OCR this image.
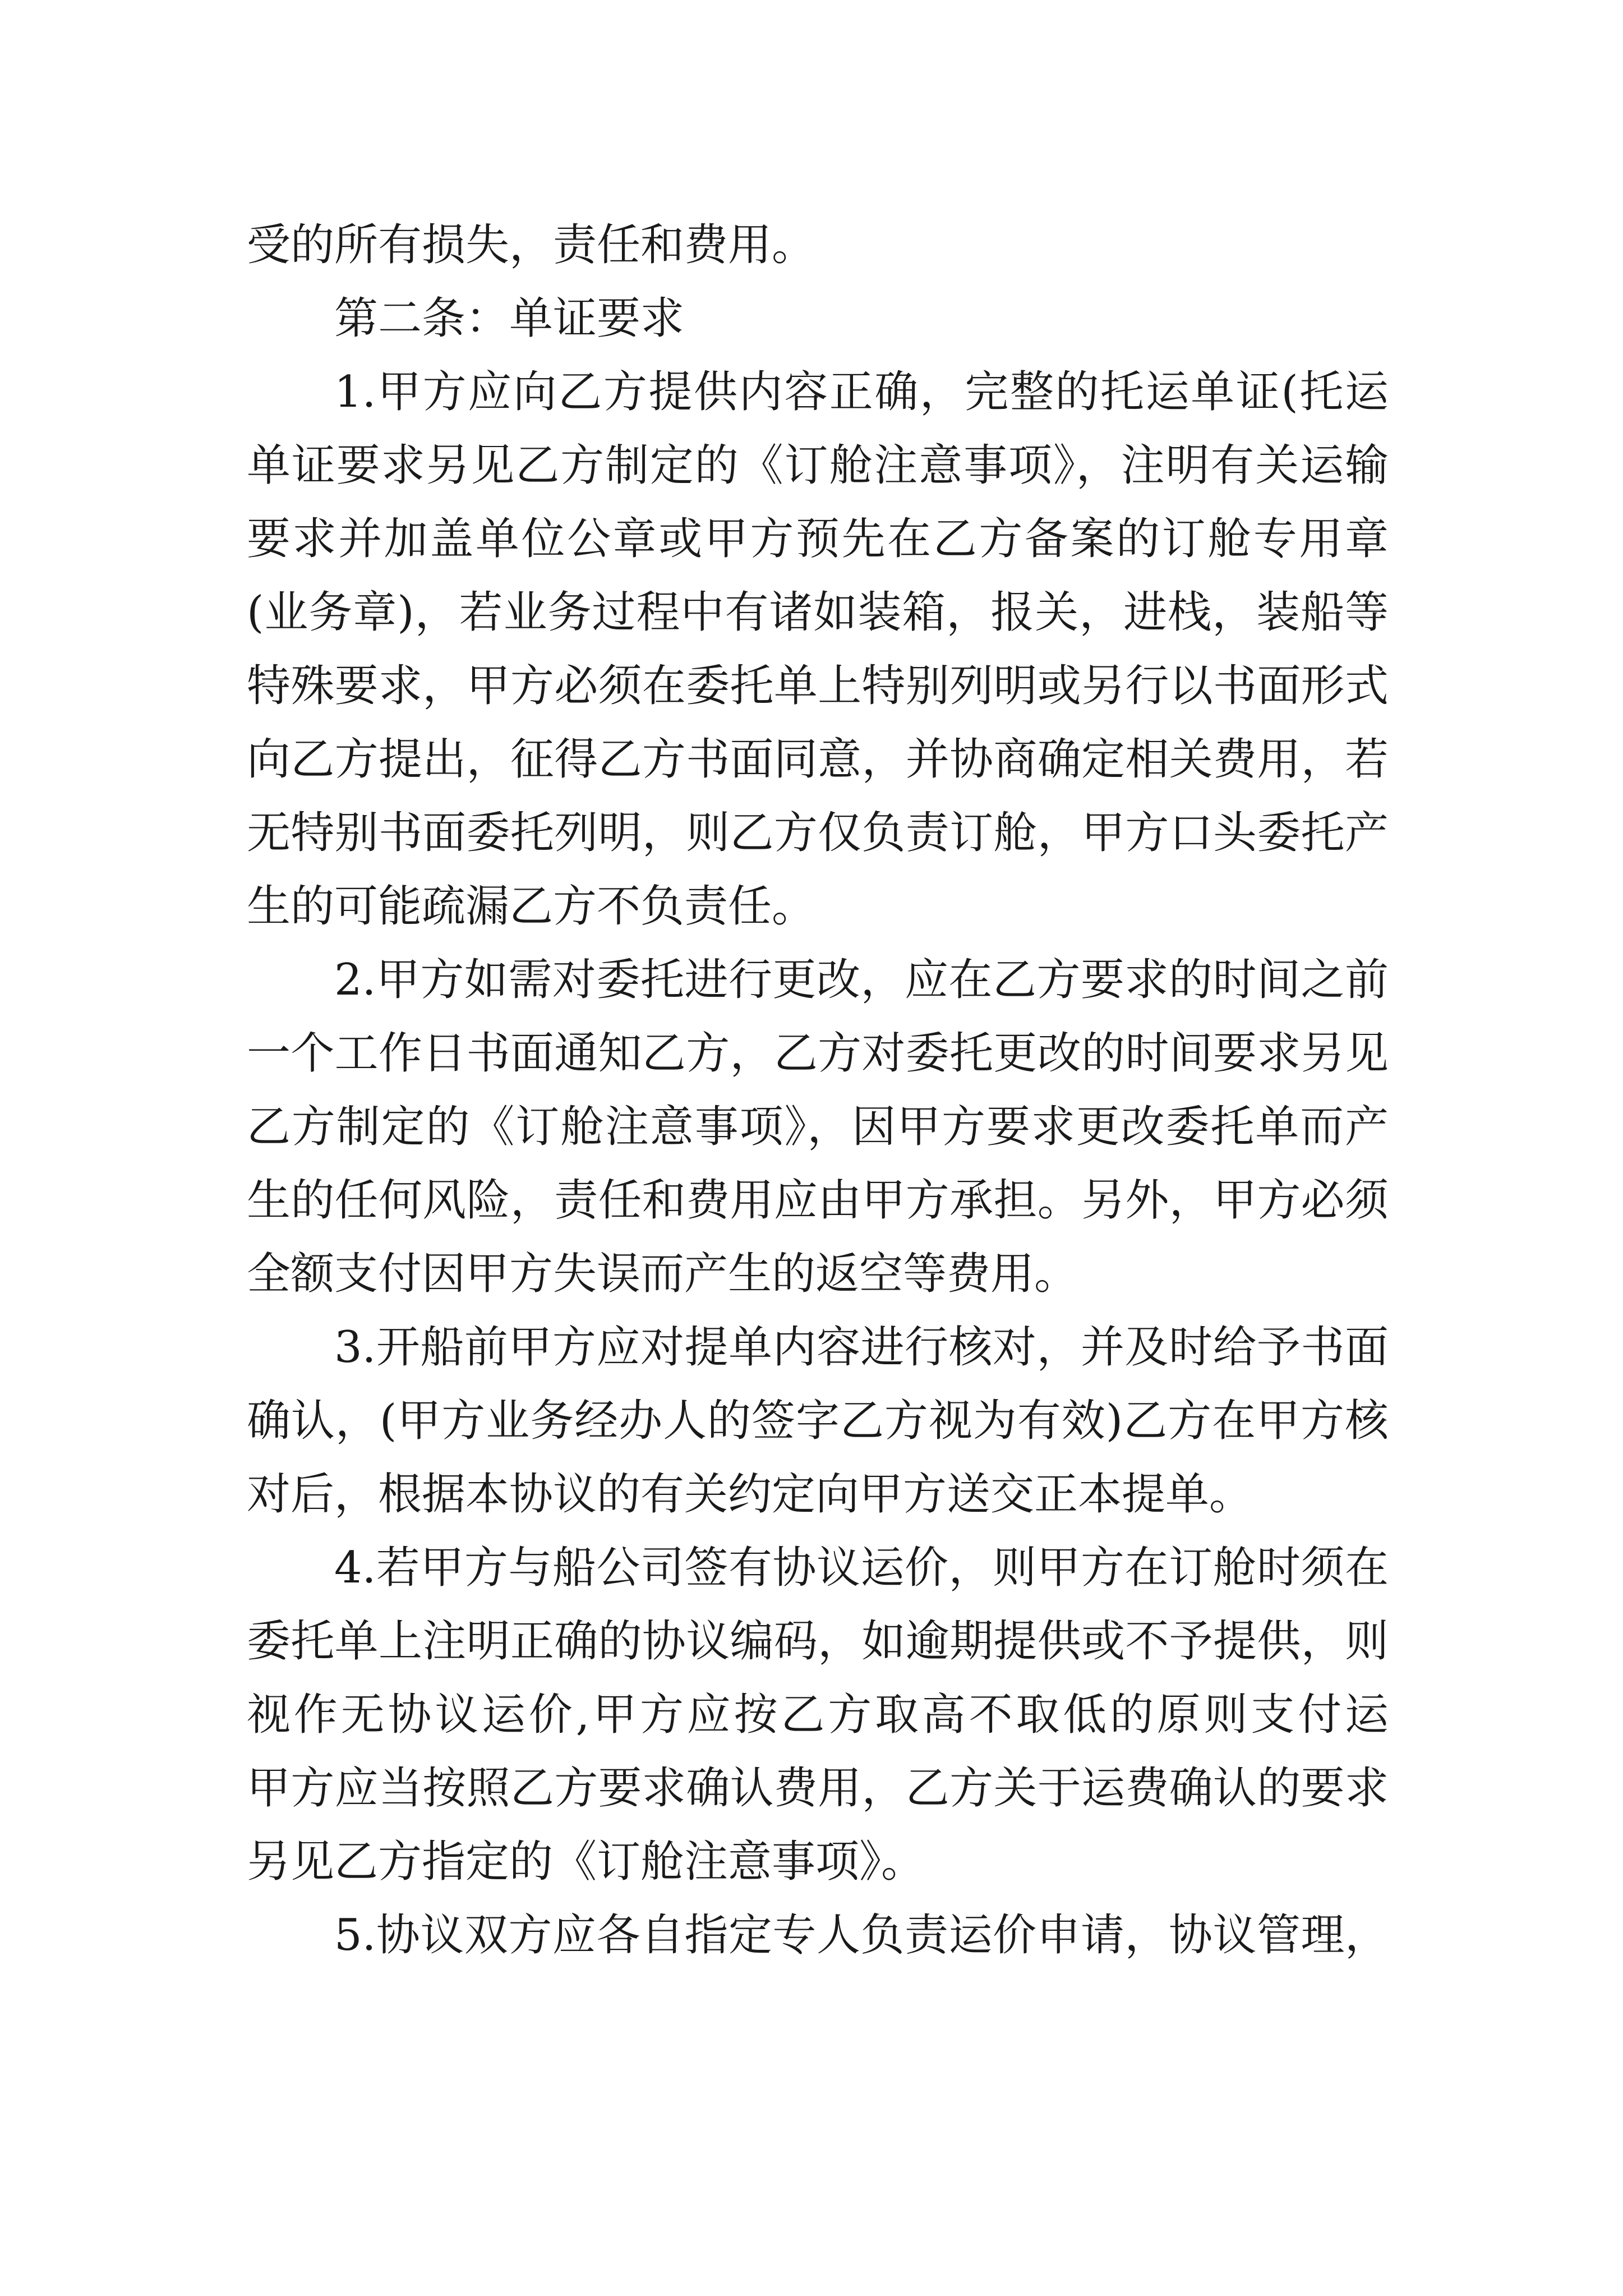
受的所有损失，责任和费用。

第二条：单证要求

1.甲方应向乙方提供内容正确，完整的托运单证(托运

单证要求另见乙方制定的《订舱注意事项》，注明有关运输

要求并加盖单位公章或甲方预先在乙方备案的订舱专用章

(业务章)，若业务过程中有诸如装箱，报关，进栈，装船等

特殊要求，甲方必须在委托单上特别列明或另行以书面形式

向乙方提出，征得乙方书面同意，并协商确定相关费用，若

无特别书面委托列明，则乙方仅负责订舱，甲方口头委托产

生的可能疏漏乙方不负责任。

2.甲方如需对委托进行更改，应在乙方要求的时间之前

一个工作日书面通知乙方，乙方对委托更改的时间要求另见

乙方制定的《订舱注意事项》，因甲方要求更改委托单而产

生的任何风险，责任和费用应由甲方承担。另外，甲方必须

全额支付因甲方失误而产生的返空等费用。

3.开船前甲方应对提单内容进行核对，并及时给予书面

确认，(甲方业务经办人的签字乙方视为有效)乙方在甲方核

对后，根据本协议的有关约定向甲方送交正本提单。

4.若甲方与船公司签有协议运价，则甲方在订舱时须在

委托单上注明正确的协议编码，如逾期提供或不予提供，则

视作无协议运价,甲方应按乙方取高不取低的原则支付运

甲方应当按照乙方要求确认费用，乙方关于运费确认的要求

另见乙方指定的《订舱注意事项》。

5.协议双方应各自指定专人负责运价申请，协议管理，
